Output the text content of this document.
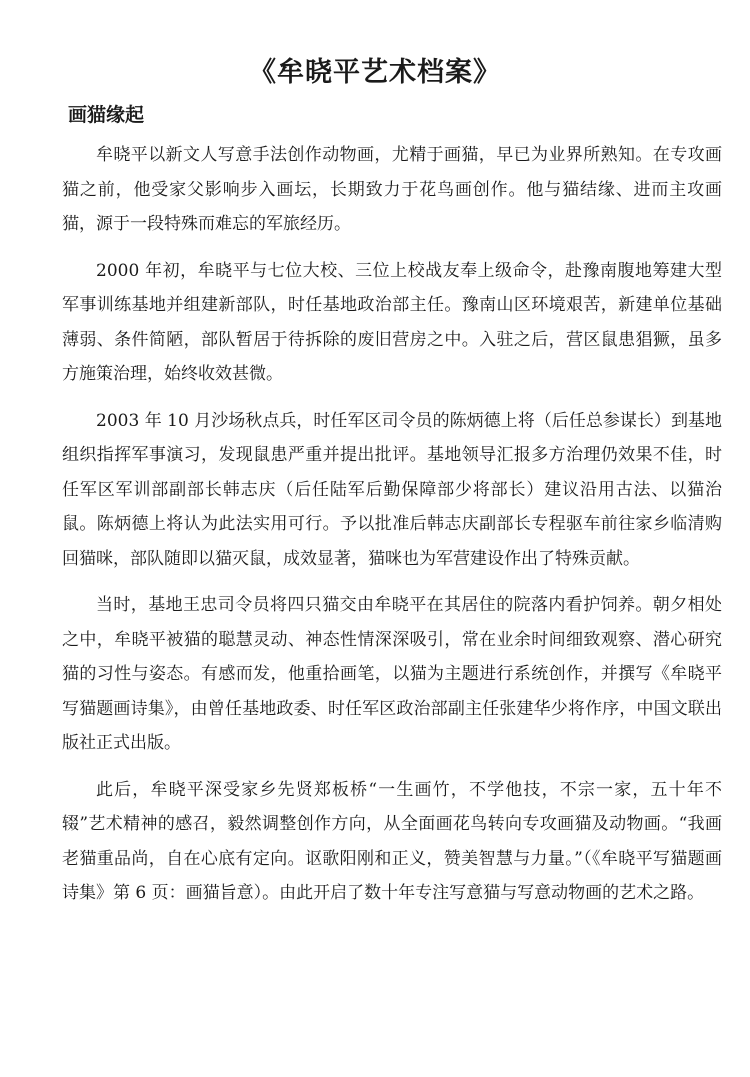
《牟晓平艺术档案》
画猫缘起

牟晓平以新文人写意手法创作动物画，尤精于画猫，早已为业界所熟知。在专攻画猫之前，他受家父影响步入画坛，长期致力于花鸟画创作。他与猫结缘、进而主攻画猫，源于一段特殊而难忘的军旅经历。

2000 年初，牟晓平与七位大校、三位上校战友奉上级命令，赴豫南腹地筹建大型军事训练基地并组建新部队，时任基地政治部主任。豫南山区环境艰苦，新建单位基础薄弱、条件简陋，部队暂居于待拆除的废旧营房之中。入驻之后，营区鼠患猖獗，虽多方施策治理，始终收效甚微。

2003 年 10 月沙场秋点兵，时任军区司令员的陈炳德上将（后任总参谋长）到基地组织指挥军事演习，发现鼠患严重并提出批评。基地领导汇报多方治理仍效果不佳，时任军区军训部副部长韩志庆（后任陆军后勤保障部少将部长）建议沿用古法、以猫治鼠。陈炳德上将认为此法实用可行。予以批准后韩志庆副部长专程驱车前往家乡临清购回猫咪，部队随即以猫灭鼠，成效显著，猫咪也为军营建设作出了特殊贡献。

当时，基地王忠司令员将四只猫交由牟晓平在其居住的院落内看护饲养。朝夕相处之中，牟晓平被猫的聪慧灵动、神态性情深深吸引，常在业余时间细致观察、潜心研究猫的习性与姿态。有感而发，他重拾画笔，以猫为主题进行系统创作，并撰写《牟晓平写猫题画诗集》，由曾任基地政委、时任军区政治部副主任张建华少将作序，中国文联出版社正式出版。

此后，牟晓平深受家乡先贤郑板桥“一生画竹，不学他技，不宗一家，五十年不辍”艺术精神的感召，毅然调整创作方向，从全面画花鸟转向专攻画猫及动物画。“我画老猫重品尚，自在心底有定向。讴歌阳刚和正义，赞美智慧与力量。”（《牟晓平写猫题画诗集》第 6 页：画猫旨意）。由此开启了数十年专注写意猫与写意动物画的艺术之路。
